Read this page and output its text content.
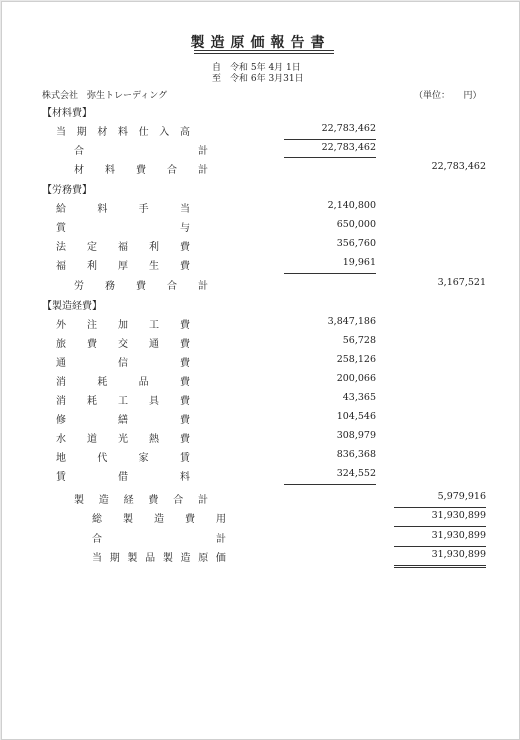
製造原価報告書
自　令和 5年 4月 1日
至　令和 6年 3月31日
株式会社　弥生トレーディング	（単位：　　円）
【材料費】
当 期 材 料 仕 入 高	22,783,462
合	計	22,783,462
材 料 費 合 計	22,783,462
【労務費】
給	料	手	当	2,140,800
賞	与	650,000
法 定 福 利 費	356,760
福 利 厚 生 費	19,961
労 務 費 合 計	3,167,521
【製造経費】
外 注 加 工 費	3,847,186
旅 費 交 通 費	56,728
通	信	費	258,126
消	耗	品	費	200,066
消 耗 工 具 費	43,365
修	繕	費	104,546
水 道 光 熱 費	308,979
地	代	家	賃	836,368
賃	借	料	324,552
製 造 経 費 合 計	5,979,916
総 製 造 費 用	31,930,899
合	計	31,930,899
当 期 製 品 製 造 原 価	31,930,899
